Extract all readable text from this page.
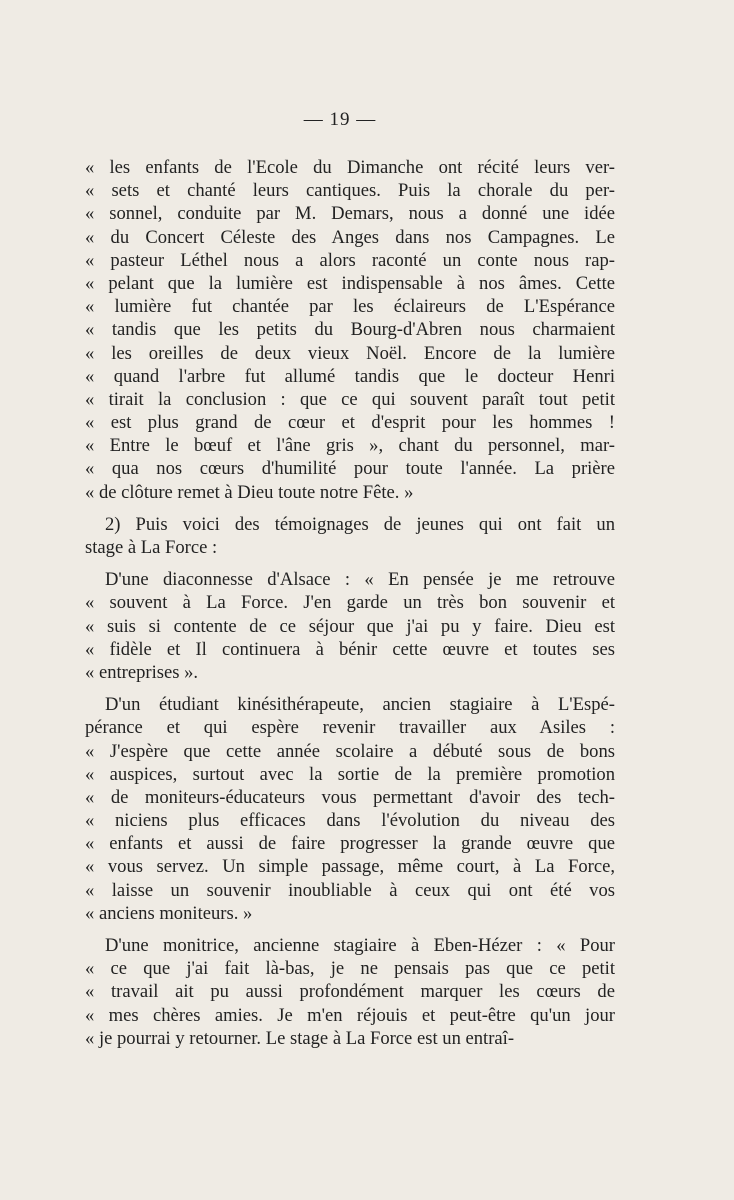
— 19 —
« les enfants de l'Ecole du Dimanche ont récité leurs ver-
« sets et chanté leurs cantiques. Puis la chorale du per-
« sonnel, conduite par M. Demars, nous a donné une idée
« du Concert Céleste des Anges dans nos Campagnes. Le
« pasteur Léthel nous a alors raconté un conte nous rap-
« pelant que la lumière est indispensable à nos âmes. Cette
« lumière fut chantée par les éclaireurs de L'Espérance
« tandis que les petits du Bourg-d'Abren nous charmaient
« les oreilles de deux vieux Noël. Encore de la lumière
« quand l'arbre fut allumé tandis que le docteur Henri
« tirait la conclusion : que ce qui souvent paraît tout petit
« est plus grand de cœur et d'esprit pour les hommes !
« Entre le bœuf et l'âne gris », chant du personnel, mar-
« qua nos cœurs d'humilité pour toute l'année. La prière
« de clôture remet à Dieu toute notre Fête. »
2) Puis voici des témoignages de jeunes qui ont fait un
stage à La Force :
D'une diaconnesse d'Alsace : « En pensée je me retrouve
« souvent à La Force. J'en garde un très bon souvenir et
« suis si contente de ce séjour que j'ai pu y faire. Dieu est
« fidèle et Il continuera à bénir cette œuvre et toutes ses
« entreprises ».
D'un étudiant kinésithérapeute, ancien stagiaire à L'Espé-
pérance et qui espère revenir travailler aux Asiles :
« J'espère que cette année scolaire a débuté sous de bons
« auspices, surtout avec la sortie de la première promotion
« de moniteurs-éducateurs vous permettant d'avoir des tech-
« niciens plus efficaces dans l'évolution du niveau des
« enfants et aussi de faire progresser la grande œuvre que
« vous servez. Un simple passage, même court, à La Force,
« laisse un souvenir inoubliable à ceux qui ont été vos
« anciens moniteurs. »
D'une monitrice, ancienne stagiaire à Eben-Hézer : « Pour
« ce que j'ai fait là-bas, je ne pensais pas que ce petit
« travail ait pu aussi profondément marquer les cœurs de
« mes chères amies. Je m'en réjouis et peut-être qu'un jour
« je pourrai y retourner. Le stage à La Force est un entraî-
